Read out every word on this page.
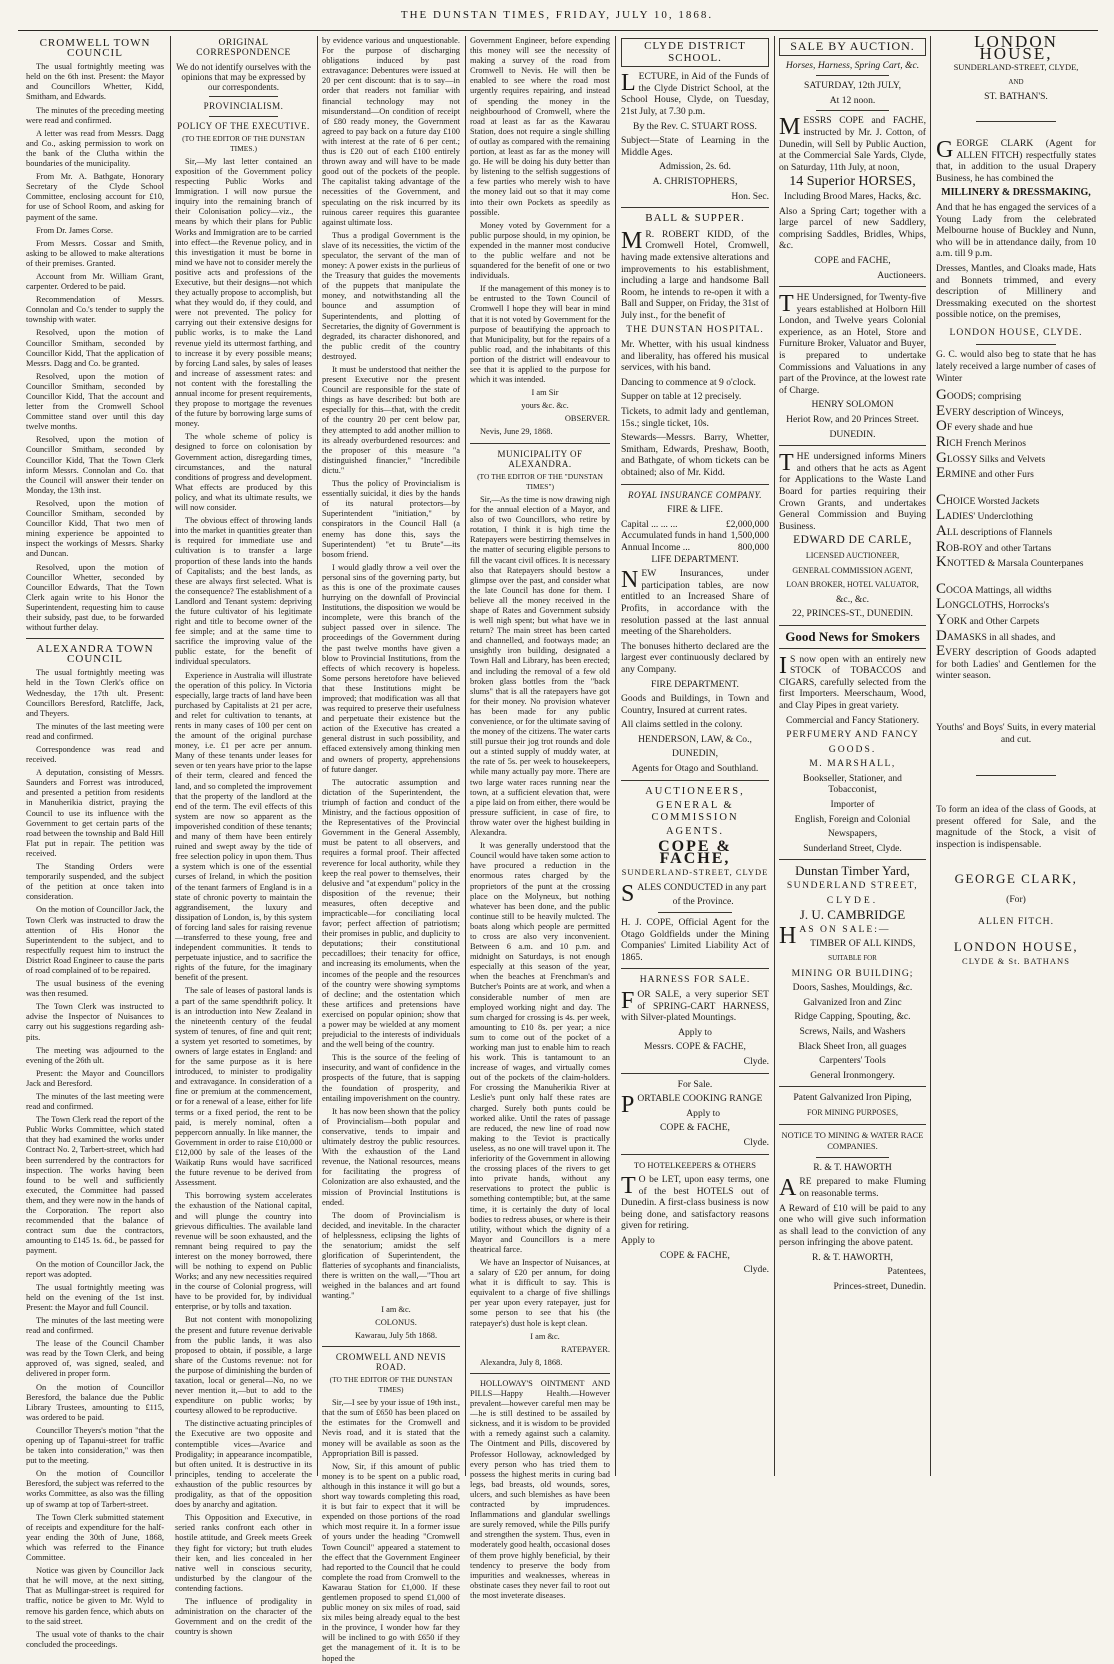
THE DUNSTAN TIMES, FRIDAY, JULY 10, 1868.
CROMWELL TOWN COUNCIL

The usual fortnightly meeting was held on the 6th inst. Present: the Mayor and Councillors Whetter, Kidd, Smitham, and Edwards.

The minutes of the preceding meeting were read and confirmed.

A letter was read from Messrs. Dagg and Co., asking permission to work on the bank of the Clutha within the boundaries of the municipality.

From Mr. A. Bathgate, Honorary Secretary of the Clyde School Committee, enclosing account for £10, for use of School Room, and asking for payment of the same.

From Dr. James Corse.

From Messrs. Cossar and Smith, asking to be allowed to make alterations of their premises. Granted.

Account from Mr. William Grant, carpenter. Ordered to be paid.

Recommendation of Messrs. Connolan and Co.'s tender to supply the township with water.

Resolved, upon the motion of Councillor Smitham, seconded by Councillor Kidd, That the application of Messrs. Dagg and Co. be granted.

Resolved, upon the motion of Councillor Smitham, seconded by Councillor Kidd, That the account and letter from the Cromwell School Committee stand over until this day twelve months.

Resolved, upon the motion of Councillor Smitham, seconded by Councillor Kidd, That the Town Clerk inform Messrs. Connolan and Co. that the Council will answer their tender on Monday, the 13th inst.

Resolved, upon the motion of Councillor Smitham, seconded by Councillor Kidd, That two men of mining experience be appointed to inspect the workings of Messrs. Sharky and Duncan.

Resolved, upon the motion of Councillor Whetter, seconded by Councillor Edwards, That the Town Clerk again write to his Honor the Superintendent, requesting him to cause their subsidy, past due, to be forwarded without further delay.

ALEXANDRA TOWN COUNCIL

The usual fortnightly meeting was held in the Town Clerk's office on Wednesday, the 17th ult. Present: Councillors Beresford, Ratcliffe, Jack, and Theyers.

The minutes of the last meeting were read and confirmed.

Correspondence was read and received.

A deputation, consisting of Messrs. Saunders and Forrest was introduced, and presented a petition from residents in Manuherikia district, praying the Council to use its influence with the Government to get certain parts of the road between the township and Bald Hill Flat put in repair. The petition was received.

The Standing Orders were temporarily suspended, and the subject of the petition at once taken into consideration.

On the motion of Councillor Jack, the Town Clerk was instructed to draw the attention of His Honor the Superintendent to the subject, and to respectfully request him to instruct the District Road Engineer to cause the parts of road complained of to be repaired.

The usual business of the evening was then resumed.

The Town Clerk was instructed to advise the Inspector of Nuisances to carry out his suggestions regarding ash-pits.

The meeting was adjourned to the evening of the 26th ult.

Present: the Mayor and Councillors Jack and Beresford.

The minutes of the last meeting were read and confirmed.

The Town Clerk read the report of the Public Works Committee, which stated that they had examined the works under Contract No. 2, Tarbert-street, which had been surrendered by the contractors for inspection. The works having been found to be well and sufficiently executed, the Committee had passed them, and they were now in the hands of the Corporation. The report also recommended that the balance of contract sum due the contractors, amounting to £145 1s. 6d., be passed for payment.

On the motion of Councillor Jack, the report was adopted.

The usual fortnightly meeting was held on the evening of the 1st inst. Present: the Mayor and full Council.

The minutes of the last meeting were read and confirmed.

The lease of the Council Chamber was read by the Town Clerk, and being approved of, was signed, sealed, and delivered in proper form.

On the motion of Councillor Beresford, the balance due the Public Library Trustees, amounting to £115, was ordered to be paid.

Councillor Theyers's motion "that the opening up of Tapanui-street for traffic be taken into consideration," was then put to the meeting.

On the motion of Councillor Beresford, the subject was referred to the works Committee, as also was the filling up of swamp at top of Tarbert-street.

The Town Clerk submitted statement of receipts and expenditure for the half-year ending the 30th of June, 1868, which was referred to the Finance Committee.

Notice was given by Councillor Jack that he will move, at the next sitting, That as Mullingar-street is required for traffic, notice be given to Mr. Wyld to remove his garden fence, which abuts on to the said street.

The usual vote of thanks to the chair concluded the proceedings.

ORIGINAL CORRESPONDENCE

We do not identify ourselves with the opinions that may be expressed by our correspondents.

PROVINCIALISM.
POLICY OF THE EXECUTIVE.

(TO THE EDITOR OF THE DUNSTAN TIMES.)

Sir,—My last letter contained an exposition of the Government policy respecting Public Works and Immigration. I will now pursue the inquiry into the remaining branch of their Colonisation policy—viz., the means by which their plans for Public Works and Immigration are to be carried into effect—the Revenue policy, and in this investigation it must be borne in mind we have not to consider merely the positive acts and professions of the Executive, but their designs—not which they actually propose to accomplish, but what they would do, if they could, and were not prevented. The policy for carrying out their extensive designs for public works, is to make the Land revenue yield its uttermost farthing, and to increase it by every possible means; by forcing Land sales, by sales of leases and increase of assessment rates: and not content with the forestalling the annual income for present requirements, they propose to mortgage the revenues of the future by borrowing large sums of money.

The whole scheme of policy is designed to force on colonisation by Government action, disregarding times, circumstances, and the natural conditions of progress and development. What effects are produced by this policy, and what its ultimate results, we will now consider.

The obvious effect of throwing lands into the market in quantities greater than is required for immediate use and cultivation is to transfer a large proportion of these lands into the hands of Capitalists; and the best lands, as these are always first selected. What is the consequence? The establishment of a Landlord and Tenant system: depriving the future cultivator of his legitimate right and title to become owner of the fee simple; and at the same time to sacrifice the improving value of the public estate, for the benefit of individual speculators.

Experience in Australia will illustrate the operation of this policy. In Victoria especially, large tracts of land have been purchased by Capitalists at 21 per acre, and relet for cultivation to tenants, at rents in many cases of 100 per cent on the amount of the original purchase money, i.e. £1 per acre per annum. Many of these tenants under leases for seven or ten years have prior to the lapse of their term, cleared and fenced the land, and so completed the improvement that the property of the landlord at the end of the term. The evil effects of this system are now so apparent as the impoverished condition of these tenants; and many of them have been entirely ruined and swept away by the tide of free selection policy in upon them. Thus a system which is one of the essential curses of Ireland, in which the position of the tenant farmers of England is in a state of chronic poverty to maintain the aggrandisement, the luxury and dissipation of London, is, by this system of forcing land sales for raising revenue —transferred to these young, free and independent communities. It tends to perpetuate injustice, and to sacrifice the rights of the future, for the imaginary benefit of the present.

The sale of leases of pastoral lands is a part of the same spendthrift policy. It is an introduction into New Zealand in the nineteenth century of the feudal system of tenures, of fine and quit rent; a system yet resorted to sometimes, by owners of large estates in England: and for the same purpose as it is here introduced, to minister to prodigality and extravagance. In consideration of a fine or premium at the commencement, or for a renewal of a lease, either for life terms or a fixed period, the rent to be paid, is merely nominal, often a peppercorn annually. In like manner, the Government in order to raise £10,000 or £12,000 by sale of the leases of the Waikatip Runs would have sacrificed the future revenue to be derived from Assessment.

This borrowing system accelerates the exhaustion of the National capital, and will plunge the country into grievous difficulties. The available land revenue will be soon exhausted, and the remnant being required to pay the interest on the money borrowed, there will be nothing to expend on Public Works; and any new necessities required in the course of Colonial progress, will have to be provided for, by individual enterprise, or by tolls and taxation.

But not content with monopolizing the present and future revenue derivable from the public lands, it was also proposed to obtain, if possible, a large share of the Customs revenue: not for the purpose of diminishing the burden of taxation, local or general—No, no we never mention it,—but to add to the expenditure on public works; by courtesy allowed to be reproductive.

The distinctive actuating principles of the Executive are two opposite and contemptible vices—Avarice and Prodigality; in appearance incompatible, but often united. It is destructive in its principles, tending to accelerate the exhaustion of the public resources by prodigality, as that of the opposition does by anarchy and agitation.

This Opposition and Executive, in seried ranks confront each other in hostile attitude, and Greek meets Greek they fight for victory; but truth eludes their ken, and lies concealed in her native well in conscious security, undisturbed by the clangour of the contending factions.

The influence of prodigality in administration on the character of the Government and on the credit of the country is shown

by evidence various and unquestionable. For the purpose of discharging obligations induced by past extravagance: Debentures were issued at 20 per cent discount: that is to say—in order that readers not familiar with financial technology may not misunderstand—On condition of receipt of £80 ready money, the Government agreed to pay back on a future day £100 with interest at the rate of 6 per cent.; thus is £20 out of each £100 entirely thrown away and will have to be made good out of the pockets of the people. The capitalist taking advantage of the necessities of the Government, and speculating on the risk incurred by its ruinous career requires this guarantee against ultimate loss.

Thus a prodigal Government is the slave of its necessities, the victim of the speculator, the servant of the man of money: A power exists in the purlieus of the Treasury that guides the movements of the puppets that manipulate the money, and notwithstanding all the bounce and assumption of Superintendents, and plotting of Secretaries, the dignity of Government is degraded, its character dishonored, and the public credit of the country destroyed.

It must be understood that neither the present Executive nor the present Council are responsible for the state of things as have described: but both are especially for this—that, with the credit of the country 20 per cent below par, they attempted to add another million to its already overburdened resources: and the proposer of this measure "a distinguished financier," "Incredibile dictu."

Thus the policy of Provincialism is essentially suicidal, it dies by the hands of its natural protectors—by Superintendent "initiation," by conspirators in the Council Hall (a enemy has done this, says the Superintendent) "et tu Brute"—its bosom friend.

I would gladly throw a veil over the personal sins of the governing party, but as this is one of the proximate causes hurrying on the downfall of Provincial Institutions, the disposition we would be incomplete, were this branch of the subject passed over in silence. The proceedings of the Government during the past twelve months have given a blow to Provincial Institutions, from the effects of which recovery is hopeless. Some persons heretofore have believed that these Institutions might be improved; that modification was all that was required to preserve their usefulness and perpetuate their existence but the action of the Executive has created a general distrust in such possibility, and effaced extensively among thinking men and owners of property, apprehensions of future danger.

The autocratic assumption and dictation of the Superintendent, the triumph of faction and conduct of the Ministry, and the factious opposition of the Representatives of the Provincial Government in the General Assembly, must be patent to all observers, and requires a formal proof. Their affected reverence for local authority, while they keep the real power to themselves, their delusive and "at expendum" policy in the disposition of the revenue; their measures, often deceptive and impracticable—for conciliating local favor; perfect affection of patriotism; their promises in public, and duplicity to deputations; their constitutional peccadilloes; their tenacity for office, and increasing its emoluments, when the incomes of the people and the resources of the country were showing symptoms of decline; and the ostentation which these artifices and pretensions have exercised on popular opinion; show that a power may be wielded at any moment prejudicial to the interests of individuals and the well being of the country.

This is the source of the feeling of insecurity, and want of confidence in the prospects of the future, that is sapping the foundation of prosperity, and entailing impoverishment on the country.

It has now been shown that the policy of Provincialism—both popular and conservative, tends to impair and ultimately destroy the public resources. With the exhaustion of the Land revenue, the National resources, means for facilitating the progress of Colonization are also exhausted, and the mission of Provincial Institutions is ended.

The doom of Provincialism is decided, and inevitable. In the character of helplessness, eclipsing the lights of the senatorium; amidst the self glorification of Superintendent, the flatteries of sycophants and financialists, there is written on the wall,—"Thou art weighed in the balances and art found wanting."

I am &c.

COLONUS.

Kawarau, July 5th 1868.

CROMWELL AND NEVIS ROAD.

(TO THE EDITOR OF THE DUNSTAN TIMES)

Sir,—I see by your issue of 19th inst., that the sum of £650 has been placed on the estimates for the Cromwell and Nevis road, and it is stated that the money will be available as soon as the Appropriation Bill is passed.

Now, Sir, if this amount of public money is to be spent on a public road, although in this instance it will go but a short way towards completing this road, it is but fair to expect that it will be expended on those portions of the road which most require it. In a former issue of yours under the heading "Cromwell Town Council" appeared a statement to the effect that the Government Engineer had reported to the Council that he could complete the road from Cromwell to the Kawarau Station for £1,000. If these gentlemen proposed to spend £1,000 of public money on six miles of road, said six miles being already equal to the best in the province, I wonder how far they will be inclined to go with £650 if they get the management of it. It is to be hoped the

Government Engineer, before expending this money will see the necessity of making a survey of the road from Cromwell to Nevis. He will then be enabled to see where the road most urgently requires repairing, and instead of spending the money in the neighbourhood of Cromwell, where the road at least as far as the Kawarau Station, does not require a single shilling of outlay as compared with the remaining portion, at least as far as the money will go. He will be doing his duty better than by listening to the selfish suggestions of a few parties who merely wish to have the money laid out so that it may come into their own Pockets as speedily as possible.

Money voted by Government for a public purpose should, in my opinion, be expended in the manner most conducive to the public welfare and not be squandered for the benefit of one or two individuals.

If the management of this money is to be entrusted to the Town Council of Cromwell I hope they will bear in mind that it is not voted by Government for the purpose of beautifying the approach to that Municipality, but for the repairs of a public road, and the inhabitants of this portion of the district will endeavour to see that it is applied to the purpose for which it was intended.

I am Sir

yours &c. &c.

OBSERVER.

Nevis, June 29, 1868.

MUNICIPALITY OF ALEXANDRA.

(TO THE EDITOR OF THE "DUNSTAN TIMES")

Sir,—As the time is now drawing nigh for the annual election of a Mayor, and also of two Councillors, who retire by rotation, I think it is high time the Ratepayers were bestirring themselves in the matter of securing eligible persons to fill the vacant civil offices. It is necessary also that Ratepayers should bestow a glimpse over the past, and consider what the late Council has done for them. I believe all the money received in the shape of Rates and Government subsidy is well nigh spent; but what have we in return? The main street has been carted and channelled, and footways made; an unsightly iron building, designated a Town Hall and Library, has been erected; and including the removal of a few old broken glass bottles from the "back slums" that is all the ratepayers have got for their money. No provision whatever has been made for any public convenience, or for the ultimate saving of the money of the citizens. The water carts still pursue their jog trot rounds and dole out a stinted supply of muddy water, at the rate of 5s. per week to housekeepers, while many actually pay more. There are two large water races running near the town, at a sufficient elevation that, were a pipe laid on from either, there would be pressure sufficient, in case of fire, to throw water over the highest building in Alexandra.

It was generally understood that the Council would have taken some action to have procured a reduction in the enormous rates charged by the proprietors of the punt at the crossing place on the Molyneux, but nothing whatever has been done, and the public continue still to be heavily mulcted. The boats along which people are permitted to cross are also very inconvenient. Between 6 a.m. and 10 p.m. and midnight on Saturdays, is not enough especially at this season of the year, when the beaches at Frenchman's and Butcher's Points are at work, and when a considerable number of men are employed working night and day. The sum charged for crossing is 4s. per week, amounting to £10 8s. per year; a nice sum to come out of the pocket of a working man just to enable him to reach his work. This is tantamount to an increase of wages, and virtually comes out of the pockets of the claim-holders. For crossing the Manuherikia River at Leslie's punt only half these rates are charged. Surely both punts could be worked alike. Until the rates of passage are reduced, the new line of road now making to the Teviot is practically useless, as no one will travel upon it. The inferiority of the Government in allowing the crossing places of the rivers to get into private hands, without any reservations to protect the public is something contemptible; but, at the same time, it is certainly the duty of local bodies to redress abuses, or where is their utility, without which the dignity of a Mayor and Councillors is a mere theatrical farce.

We have an Inspector of Nuisances, at a salary of £20 per annum, for doing what it is difficult to say. This is equivalent to a charge of five shillings per year upon every ratepayer, just for some person to see that his (the ratepayer's) dust hole is kept clean.

I am &c.

RATEPAYER.

Alexandra, July 8, 1868.

HOLLOWAY'S OINTMENT AND PILLS—Happy Health.—However prevalent—however careful men may be—he is still destined to be assailed by sickness, and it is wisdom to be provided with a remedy against such a calamity. The Ointment and Pills, discovered by Professor Holloway, acknowledged by every person who has tried them to possess the highest merits in curing bad legs, bad breasts, old wounds, sores, ulcers, and such blemishes as have been contracted by imprudences. Inflammations and glandular swellings are surely removed, while the Pills purify and strengthen the system. Thus, even in moderately good health, occasional doses of them prove highly beneficial, by their tendency to preserve the body from impurities and weaknesses, whereas in obstinate cases they never fail to root out the most inveterate diseases.

CLYDE DISTRICT SCHOOL.

LECTURE, in Aid of the Funds of the Clyde District School, at the School House, Clyde, on Tuesday, 21st July, at 7.30 p.m.

By the Rev. C. STUART ROSS.

Subject—State of Learning in the Middle Ages.

Admission, 2s. 6d.

A. CHRISTOPHERS,

Hon. Sec.

BALL & SUPPER.

M R. ROBERT KIDD, of the Cromwell Hotel, Cromwell, having made extensive alterations and improvements to his establishment, including a large and handsome Ball Room, he intends to re-open it with a Ball and Supper, on Friday, the 31st of July inst., for the benefit of

THE DUNSTAN HOSPITAL.

Mr. Whetter, with his usual kindness and liberality, has offered his musical services, with his band.

Dancing to commence at 9 o'clock.

Supper on table at 12 precisely.

Tickets, to admit lady and gentleman, 15s.; single ticket, 10s.

Stewards—Messrs. Barry, Whetter, Smitham, Edwards, Preshaw, Booth, and Bathgate, of whom tickets can be obtained; also of Mr. Kidd.

ROYAL INSURANCE COMPANY.

FIRE & LIFE.

Capital ... ... ...	£2,000,000
Accumulated funds in hand 1,500,000
Annual Income ...	800,000

LIFE DEPARTMENT.

NEW Insurances, under participation tables, are now entitled to an Increased Share of Profits, in accordance with the resolution passed at the last annual meeting of the Shareholders.

The bonuses hitherto declared are the largest ever continuously declared by any Company.

FIRE DEPARTMENT.

Goods and Buildings, in Town and Country, Insured at current rates.

All claims settled in the colony.

HENDERSON, LAW, & Co.,

DUNEDIN,

Agents for Otago and Southland.

AUCTIONEERS,

GENERAL & COMMISSION

AGENTS.

COPE & FACHE,

SUNDERLAND-STREET, CLYDE

SALES CONDUCTED in any part

of the Province.

H. J. COPE, Official Agent for the Otago Goldfields under the Mining Companies' Limited Liability Act of 1865.

HARNESS FOR SALE.

FOR SALE, a very superior SET of SPRING-CART HARNESS, with Silver-plated Mountings.

Apply to

Messrs. COPE & FACHE,

Clyde.

For Sale.

PORTABLE COOKING RANGE

Apply to

COPE & FACHE,

Clyde.

TO HOTELKEEPERS & OTHERS

T O be LET, upon easy terms, one of the best HOTELS out of Dunedin. A first-class business is now being done, and satisfactory reasons given for retiring.

Apply to

COPE & FACHE,

Clyde.

SALE BY AUCTION.

Horses, Harness, Spring Cart, &c.

SATURDAY, 12th JULY,

At 12 noon.

MESSRS COPE and FACHE, instructed by Mr. J. Cotton, of Dunedin, will Sell by Public Auction, at the Commercial Sale Yards, Clyde, on Saturday, 11th July, at noon,

14 Superior HORSES,

Including Brood Mares, Hacks, &c.

Also a Spring Cart; together with a large parcel of new Saddlery, comprising Saddles, Bridles, Whips, &c.

COPE and FACHE,

Auctioneers.

THE Undersigned, for Twenty-five years established at Holborn Hill London, and Twelve years Colonial experience, as an Hotel, Store and Furniture Broker, Valuator and Buyer, is prepared to undertake Commissions and Valuations in any part of the Province, at the lowest rate of Charge.

HENRY SOLOMON

Heriot Row, and 20 Princes Street.

DUNEDIN.

THE undersigned informs Miners and others that he acts as Agent for Applications to the Waste Land Board for parties requiring their Crown Grants, and undertakes General Commission and Buying Business.

EDWARD DE CARLE,

LICENSED AUCTIONEER,

GENERAL COMMISSION AGENT,

LOAN BROKER, HOTEL VALUATOR,

&c., &c.

22, PRINCES-ST., DUNEDIN.

Good News for Smokers

I S now open with an entirely new STOCK of TOBACCOS and CIGARS, carefully selected from the first Importers. Meerschaum, Wood, and Clay Pipes in great variety.

Commercial and Fancy Stationery.

PERFUMERY AND FANCY

GOODS.

M. MARSHALL,

Bookseller, Stationer, and Tobacconist,

Importer of

English, Foreign and Colonial

Newspapers,

Sunderland Street, Clyde.

Dunstan Timber Yard,

SUNDERLAND STREET,

CLYDE.

J. U. CAMBRIDGE

HAS ON SALE:—

TIMBER OF ALL KINDS,

SUITABLE FOR

MINING OR BUILDING;

Doors, Sashes, Mouldings, &c.

Galvanized Iron and Zinc

Ridge Capping, Spouting, &c.

Screws, Nails, and Washers

Black Sheet Iron, all guages

Carpenters' Tools

General Ironmongery.

Patent Galvanized Iron Piping,

FOR MINING PURPOSES,

NOTICE TO MINING & WATER RACE COMPANIES.

R. & T. HAWORTH

ARE prepared to make Fluming on reasonable terms.

A Reward of £10 will be paid to any one who will give such information as shall lead to the conviction of any person infringing the above patent.

R. & T. HAWORTH,

Patentees,

Princes-street, Dunedin.

LONDON HOUSE,

SUNDERLAND-STREET, CLYDE,

AND

ST. BATHAN'S.

GEORGE CLARK (Agent for ALLEN FITCH) respectfully states that, in addition to the usual Drapery Business, he has combined the

MILLINERY & DRESSMAKING,

And that he has engaged the services of a Young Lady from the celebrated Melbourne house of Buckley and Nunn, who will be in attendance daily, from 10 a.m. till 9 p.m.

Dresses, Mantles, and Cloaks made, Hats and Bonnets trimmed, and every description of Millinery and Dressmaking executed on the shortest possible notice, on the premises,

LONDON HOUSE, CLYDE.

G. C. would also beg to state that he has lately received a large number of cases of Winter

GOODS; comprising

EVERY description of Winceys,

OF every shade and hue

RICH French Merinos

GLOSSY Silks and Velvets

ERMINE and other Furs

CHOICE Worsted Jackets

LADIES' Underclothing

ALL descriptions of Flannels

ROB-ROY and other Tartans

KNOTTED & Marsala Counterpanes

COCOA Mattings, all widths

LONGCLOTHS, Horrocks's

YORK and Other Carpets

DAMASKS in all shades, and

EVERY description of Goods adapted for both Ladies' and Gentlemen for the winter season.

Youths' and Boys' Suits, in every material and cut.

To form an idea of the class of Goods, at present offered for Sale, and the magnitude of the Stock, a visit of inspection is indispensable.

GEORGE CLARK,

(For)

ALLEN FITCH.

LONDON HOUSE,

CLYDE & St. BATHANS
